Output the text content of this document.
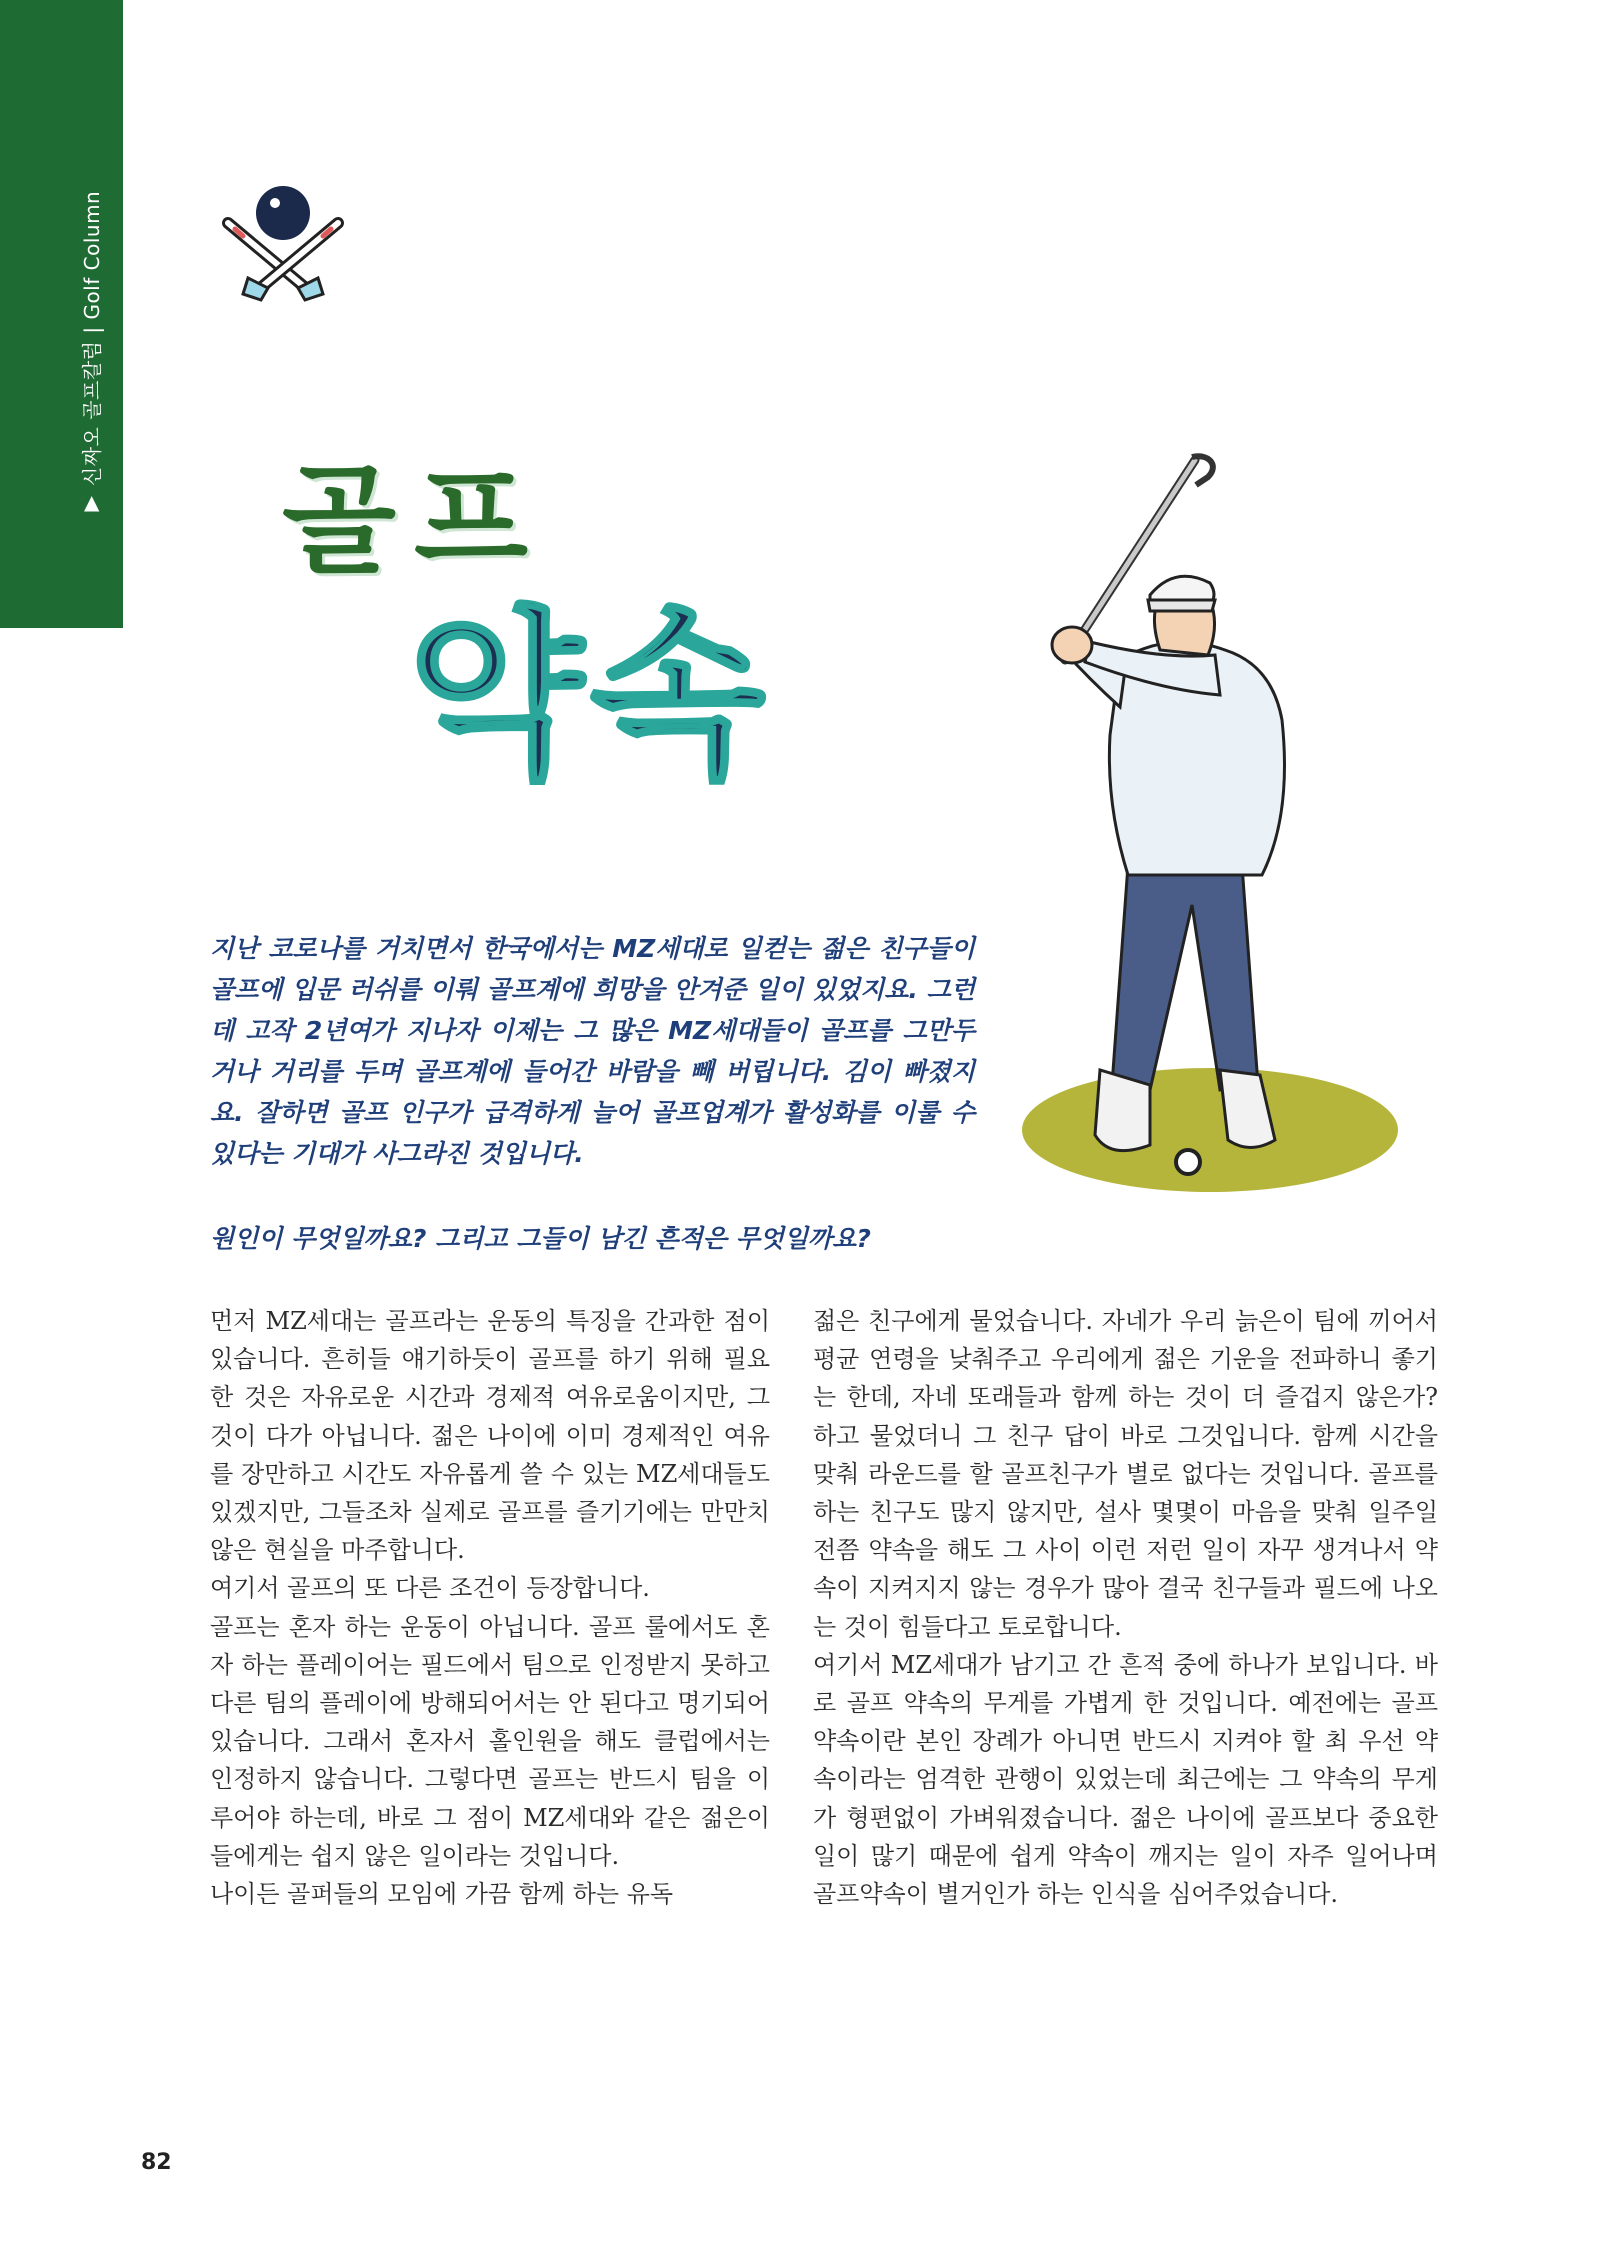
▲신짜오 골프칼럼 | Golf Column
골프
약속

지난 코로나를 거치면서 한국에서는 MZ세대로 일컫는 젊은 친구들이 골프에 입문 러쉬를 이뤄 골프계에 희망을 안겨준 일이 있었지요. 그런데 고작 2년여가 지나자 이제는 그 많은 MZ세대들이 골프를 그만두거나 거리를 두며 골프계에 들어간 바람을 빼 버립니다. 김이 빠졌지요. 잘하면 골프 인구가 급격하게 늘어 골프업계가 활성화를 이룰 수 있다는 기대가 사그라진 것입니다.

원인이 무엇일까요? 그리고 그들이 남긴 흔적은 무엇일까요?

먼저 MZ세대는 골프라는 운동의 특징을 간과한 점이 있습니다. 흔히들 얘기하듯이 골프를 하기 위해 필요한 것은 자유로운 시간과 경제적 여유로움이지만, 그것이 다가 아닙니다. 젊은 나이에 이미 경제적인 여유를 장만하고 시간도 자유롭게 쓸 수 있는 MZ세대들도 있겠지만, 그들조차 실제로 골프를 즐기기에는 만만치 않은 현실을 마주합니다.

여기서 골프의 또 다른 조건이 등장합니다.

골프는 혼자 하는 운동이 아닙니다. 골프 룰에서도 혼자 하는 플레이어는 필드에서 팀으로 인정받지 못하고 다른 팀의 플레이에 방해되어서는 안 된다고 명기되어 있습니다. 그래서 혼자서 홀인원을 해도 클럽에서는 인정하지 않습니다. 그렇다면 골프는 반드시 팀을 이루어야 하는데, 바로 그 점이 MZ세대와 같은 젊은이들에게는 쉽지 않은 일이라는 것입니다.

나이든 골퍼들의 모임에 가끔 함께 하는 유독

젊은 친구에게 물었습니다. 자네가 우리 늙은이 팀에 끼어서 평균 연령을 낮춰주고 우리에게 젊은 기운을 전파하니 좋기는 한데, 자네 또래들과 함께 하는 것이 더 즐겁지 않은가? 하고 물었더니 그 친구 답이 바로 그것입니다. 함께 시간을 맞춰 라운드를 할 골프친구가 별로 없다는 것입니다. 골프를 하는 친구도 많지 않지만, 설사 몇몇이 마음을 맞춰 일주일 전쯤 약속을 해도 그 사이 이런 저런 일이 자꾸 생겨나서 약속이 지켜지지 않는 경우가 많아 결국 친구들과 필드에 나오는 것이 힘들다고 토로합니다.

여기서 MZ세대가 남기고 간 흔적 중에 하나가 보입니다. 바로 골프 약속의 무게를 가볍게 한 것입니다. 예전에는 골프 약속이란 본인 장례가 아니면 반드시 지켜야 할 최 우선 약속이라는 엄격한 관행이 있었는데 최근에는 그 약속의 무게가 형편없이 가벼워졌습니다. 젊은 나이에 골프보다 중요한 일이 많기 때문에 쉽게 약속이 깨지는 일이 자주 일어나며 골프약속이 별거인가 하는 인식을 심어주었습니다.

82
